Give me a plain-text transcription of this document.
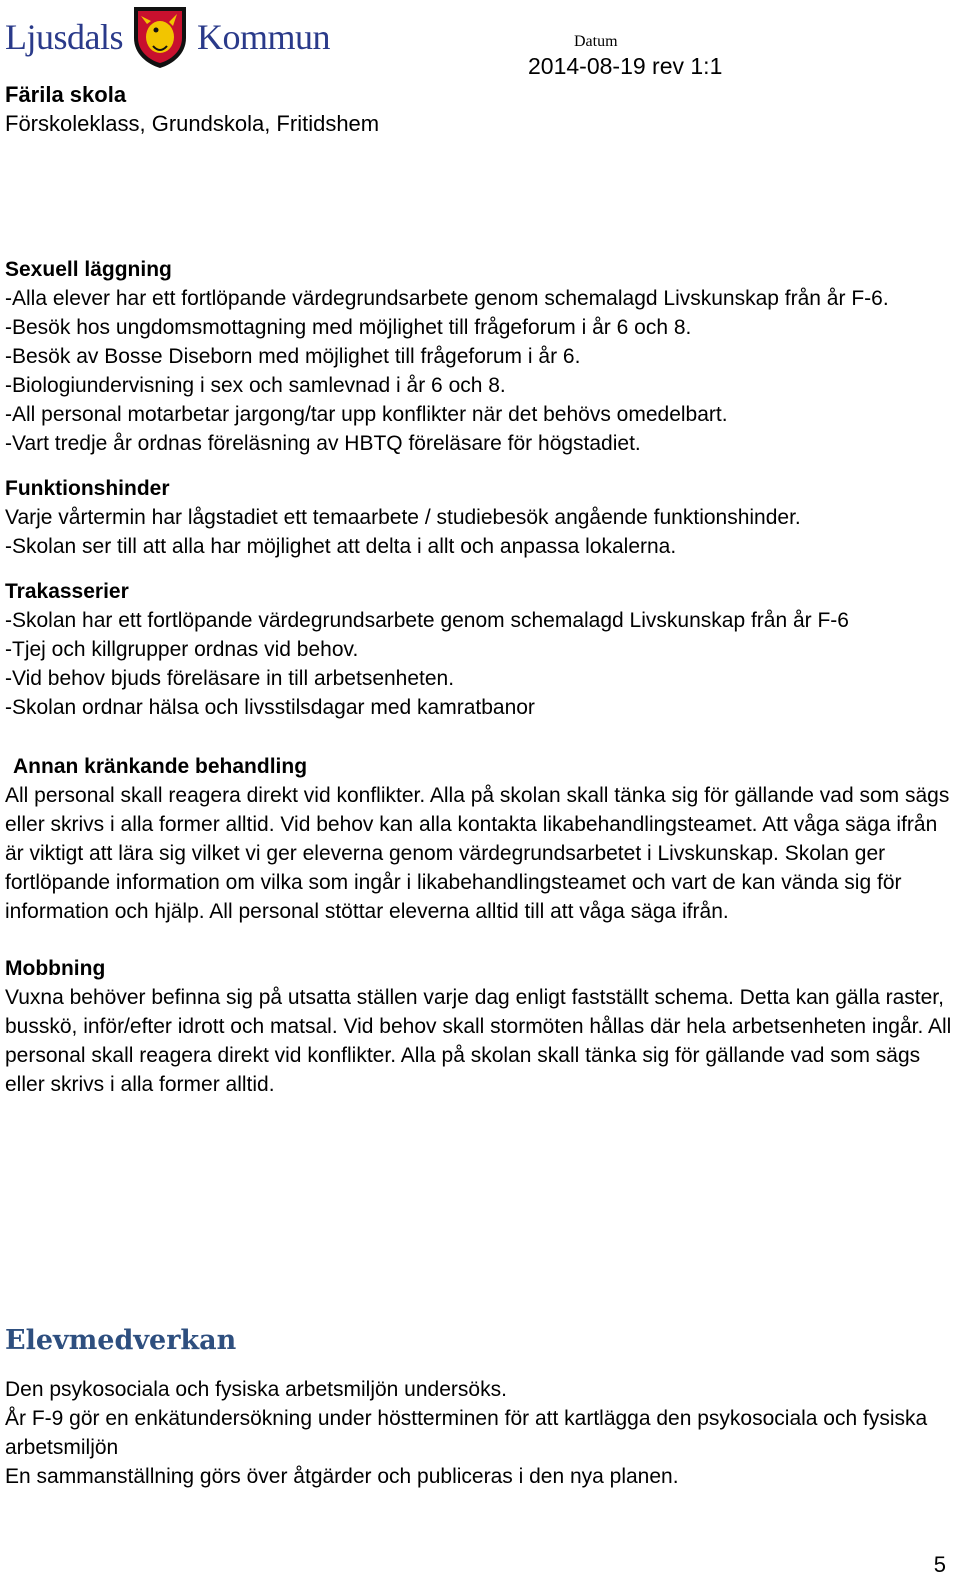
Ljusdals Kommun	Datum
2014-08-19 rev 1:1
Färila skola
Förskoleklass, Grundskola, Fritidshem
Sexuell läggning

-Alla elever har ett fortlöpande värdegrundsarbete genom schemalagd Livskunskap från år F-6.

-Besök hos ungdomsmottagning med möjlighet till frågeforum i år 6 och 8.

-Besök av Bosse Diseborn med möjlighet till frågeforum i år 6.

-Biologiundervisning i sex och samlevnad i år 6 och 8.

-All personal motarbetar jargong/tar upp konflikter när det behövs omedelbart.

-Vart tredje år ordnas föreläsning av HBTQ föreläsare för högstadiet.

Funktionshinder

Varje vårtermin har lågstadiet ett temaarbete / studiebesök angående funktionshinder.

-Skolan ser till att alla har möjlighet att delta i allt och anpassa lokalerna.

Trakasserier

-Skolan har ett fortlöpande värdegrundsarbete genom schemalagd Livskunskap från år F-6

-Tjej och killgrupper ordnas vid behov.

-Vid behov bjuds föreläsare in till arbetsenheten.

-Skolan ordnar hälsa och livsstilsdagar med kamratbanor

Annan kränkande behandling

All personal skall reagera direkt vid konflikter. Alla på skolan skall tänka sig för gällande vad som sägs eller skrivs i alla former alltid. Vid behov kan alla kontakta likabehandlingsteamet. Att våga säga ifrån är viktigt att lära sig vilket vi ger eleverna genom värdegrundsarbetet i Livskunskap. Skolan ger fortlöpande information om vilka som ingår i likabehandlingsteamet och vart de kan vända sig för information och hjälp. All personal stöttar eleverna alltid till att våga säga ifrån.

Mobbning

Vuxna behöver befinna sig på utsatta ställen varje dag enligt fastställt schema. Detta kan gälla raster, busskö, inför/efter idrott och matsal. Vid behov skall stormöten hållas där hela arbetsenheten ingår. All personal skall reagera direkt vid konflikter. Alla på skolan skall tänka sig för gällande vad som sägs eller skrivs i alla former alltid.

Elevmedverkan

Den psykosociala och fysiska arbetsmiljön undersöks.

År F-9 gör en enkätundersökning under höstterminen för att kartlägga den psykosociala och fysiska arbetsmiljön

En sammanställning görs över åtgärder och publiceras i den nya planen.

5
